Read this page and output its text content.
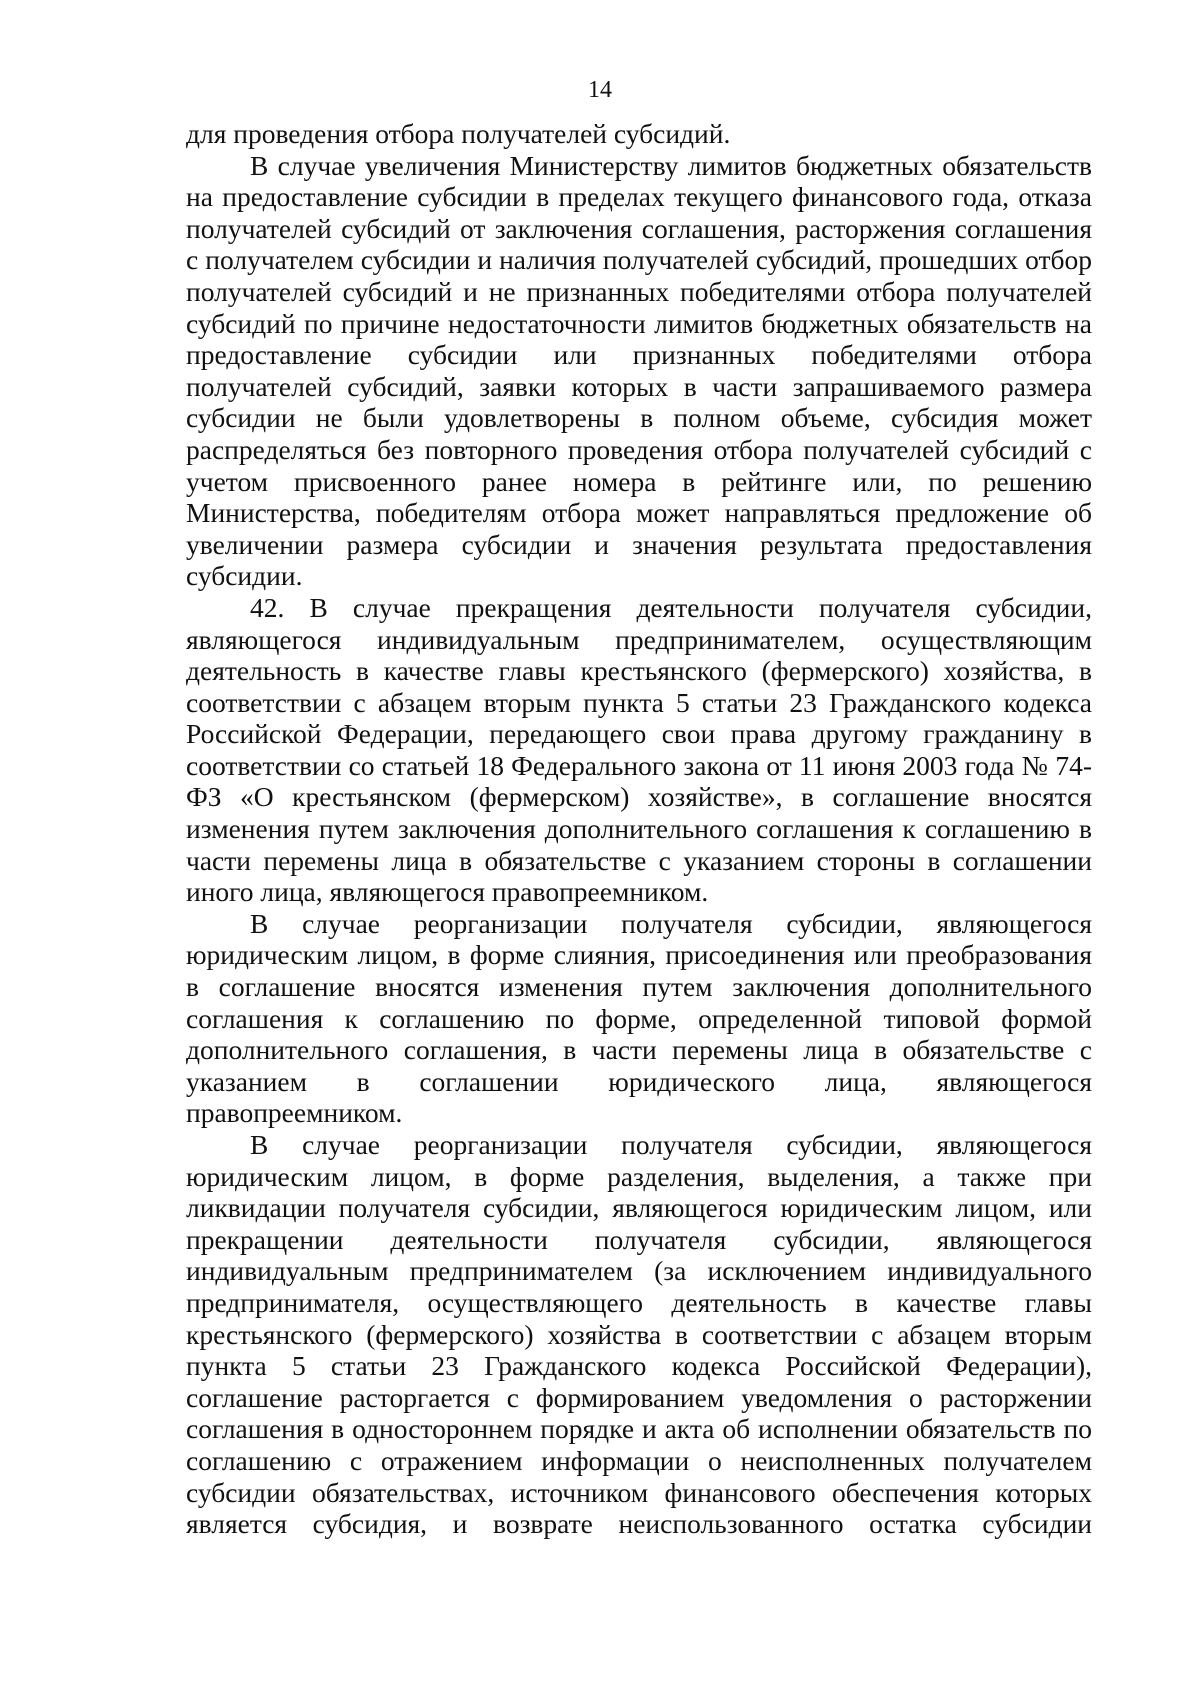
14

для проведения отбора получателей субсидий.

В случае увеличения Министерству лимитов бюджетных обязательств на предоставление субсидии в пределах текущего финансового года, отказа получателей субсидий от заключения соглашения, расторжения соглашения с получателем субсидии и наличия получателей субсидий, прошедших отбор получателей субсидий и не признанных победителями отбора получателей субсидий по причине недостаточности лимитов бюджетных обязательств на предоставление субсидии или признанных победителями отбора получателей субсидий, заявки которых в части запрашиваемого размера субсидии не были удовлетворены в полном объеме, субсидия может распределяться без повторного проведения отбора получателей субсидий с учетом присвоенного ранее номера в рейтинге или, по решению Министерства, победителям отбора может направляться предложение об увеличении размера субсидии и значения результата предоставления субсидии.

42. В случае прекращения деятельности получателя субсидии, являющегося индивидуальным предпринимателем, осуществляющим деятельность в качестве главы крестьянского (фермерского) хозяйства, в соответствии с абзацем вторым пункта 5 статьи 23 Гражданского кодекса Российской Федерации, передающего свои права другому гражданину в соответствии со статьей 18 Федерального закона от 11 июня 2003 года № 74-ФЗ «О крестьянском (фермерском) хозяйстве», в соглашение вносятся изменения путем заключения дополнительного соглашения к соглашению в части перемены лица в обязательстве с указанием стороны в соглашении иного лица, являющегося правопреемником.

В случае реорганизации получателя субсидии, являющегося юридическим лицом, в форме слияния, присоединения или преобразования в соглашение вносятся изменения путем заключения дополнительного соглашения к соглашению по форме, определенной типовой формой дополнительного соглашения, в части перемены лица в обязательстве с указанием в соглашении юридического лица, являющегося правопреемником.

В случае реорганизации получателя субсидии, являющегося юридическим лицом, в форме разделения, выделения, а также при ликвидации получателя субсидии, являющегося юридическим лицом, или прекращении деятельности получателя субсидии, являющегося индивидуальным предпринимателем (за исключением индивидуального предпринимателя, осуществляющего деятельность в качестве главы крестьянского (фермерского) хозяйства в соответствии с абзацем вторым пункта 5 статьи 23 Гражданского кодекса Российской Федерации), соглашение расторгается с формированием уведомления о расторжении соглашения в одностороннем порядке и акта об исполнении обязательств по соглашению с отражением информации о неисполненных получателем субсидии обязательствах, источником финансового обеспечения которых является субсидия, и возврате неиспользованного остатка субсидии
